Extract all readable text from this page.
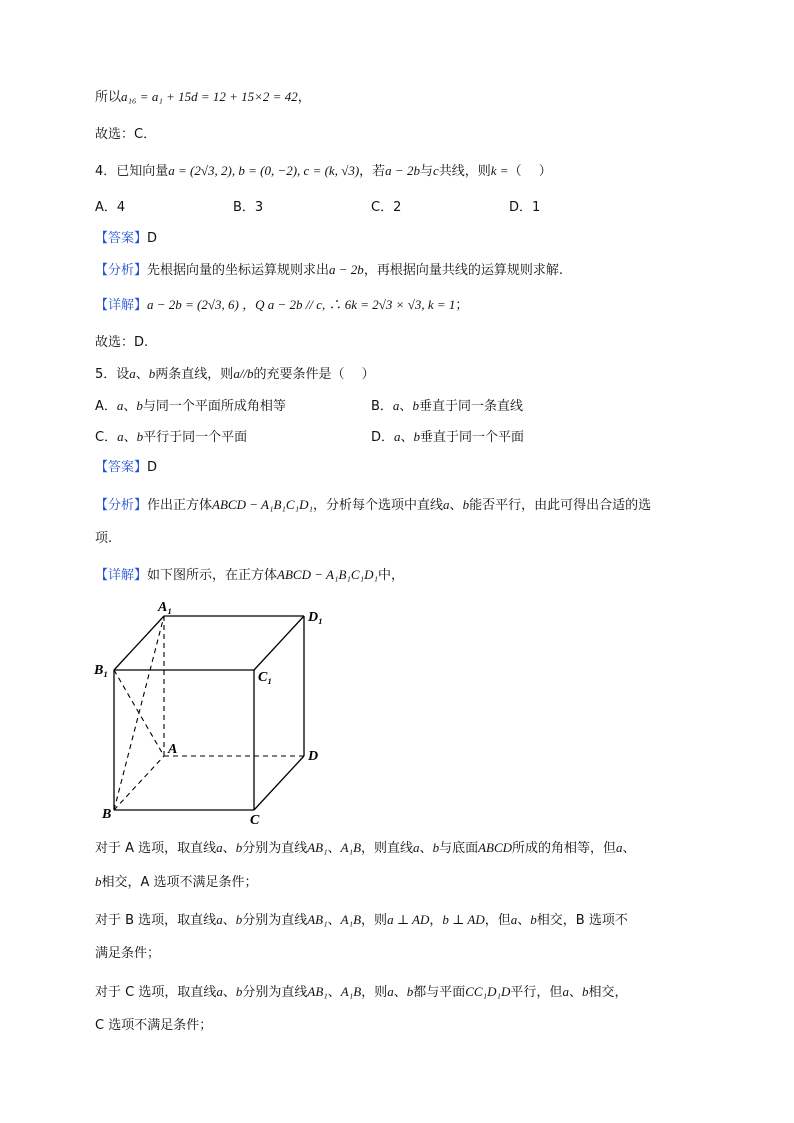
所以a₁₆ = a₁ + 15d = 12 + 15×2 = 42，
故选：C．
4．已知向量a = (2√3, 2), b = (0, −2), c = (k, √3)，若a − 2b与c共线，则k =（　 ）
A．4	B．3	C．2	D．1
【答案】D
【分析】先根据向量的坐标运算规则求出a − 2b，再根据向量共线的运算规则求解.
【详解】a − 2b = (2√3, 6) ，Q a − 2b // c, ∴ 6k = 2√3 × √3, k = 1；
故选：D.
5．设a、b两条直线，则a//b的充要条件是（　 ）
A．a、b与同一个平面所成角相等	B．a、b垂直于同一条直线
C．a、b平行于同一个平面	D．a、b垂直于同一个平面
【答案】D
【分析】作出正方体ABCD − A₁B₁C₁D₁，分析每个选项中直线a、b能否平行，由此可得出合适的选
项.
【详解】如下图所示，在正方体ABCD − A₁B₁C₁D₁中，
A₁
D₁
B₁	C₁
A	D
B	C
对于 A 选项，取直线a、b分别为直线AB₁、A₁B，则直线a、b与底面ABCD所成的角相等，但a、
b相交，A 选项不满足条件；
对于 B 选项，取直线a、b分别为直线AB₁、A₁B，则a ⊥ AD，b ⊥ AD，但a、b相交，B 选项不
满足条件；
对于 C 选项，取直线a、b分别为直线AB₁、A₁B，则a、b都与平面CC₁D₁D平行，但a、b相交，
C 选项不满足条件；
